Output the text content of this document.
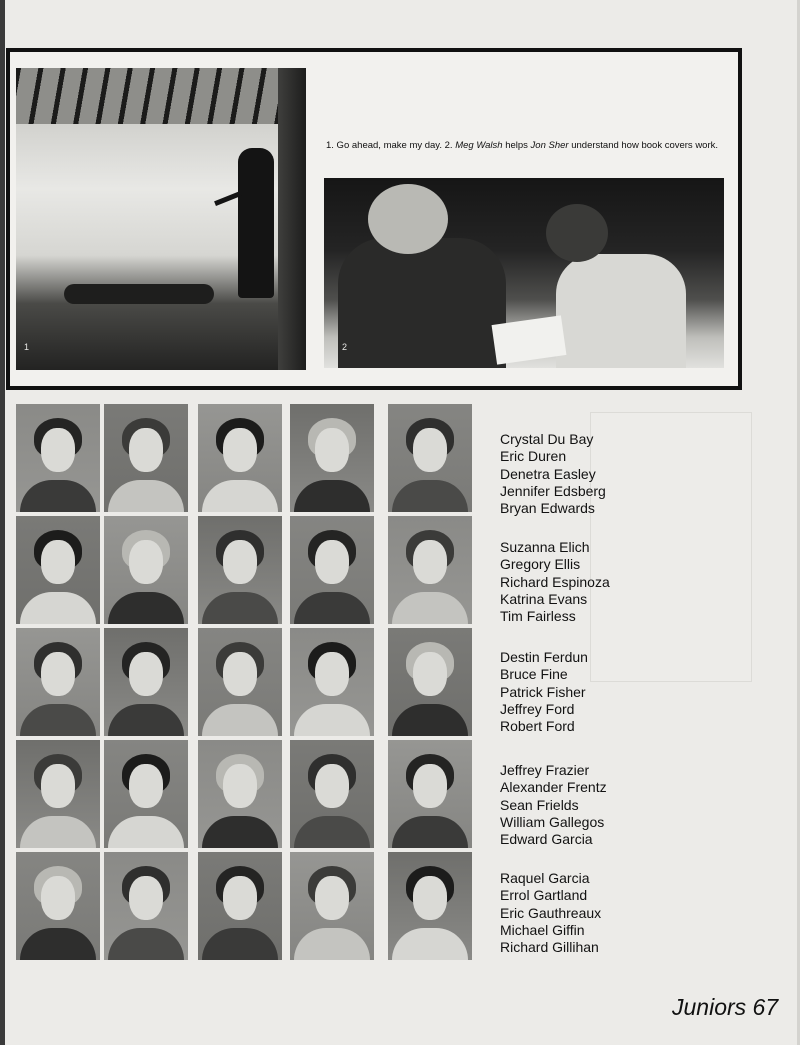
1
1. Go ahead, make my day. 2. Meg Walsh helps Jon Sher understand how book covers work.
2
Crystal Du Bay
Eric Duren
Denetra Easley
Jennifer Edsberg
Bryan Edwards
Suzanna Elich
Gregory Ellis
Richard Espinoza
Katrina Evans
Tim Fairless
Destin Ferdun
Bruce Fine
Patrick Fisher
Jeffrey Ford
Robert Ford
Jeffrey Frazier
Alexander Frentz
Sean Frields
William Gallegos
Edward Garcia
Raquel Garcia
Errol Gartland
Eric Gauthreaux
Michael Giffin
Richard Gillihan
Juniors 67
